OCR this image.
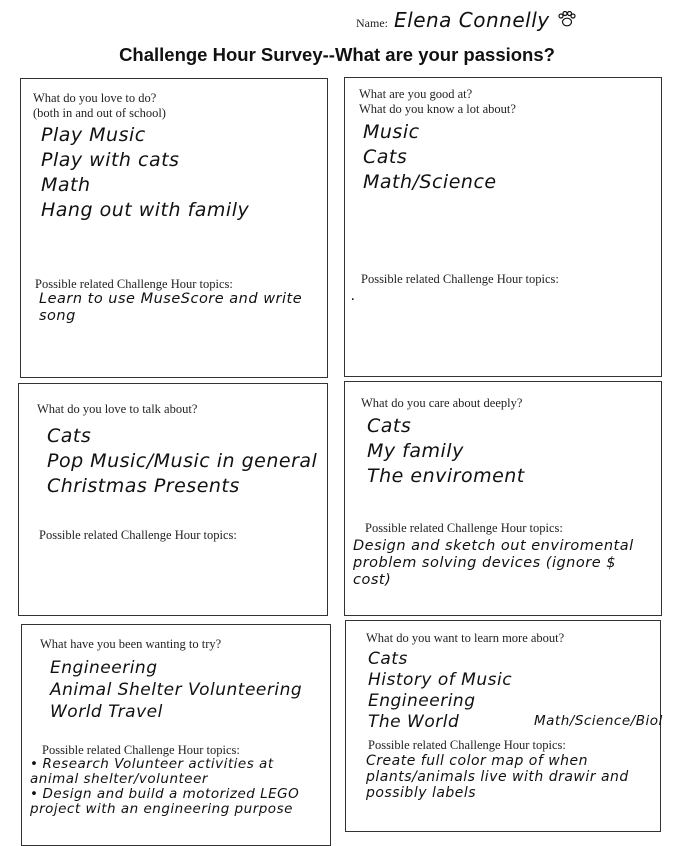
Name: Elena Connelly
Challenge Hour Survey--What are your passions?
What do you love to do?
(both in and out of school)
Play Music
Play with cats
Math
Hang out with family
Possible related Challenge Hour topics:
Learn to use MuseScore and write song
What are you good at?
What do you know a lot about?
Music
Cats
Math/Science
Possible related Challenge Hour topics:
.
What do you love to talk about?
Cats
Pop Music/Music in general
Christmas Presents
Possible related Challenge Hour topics:
What do you care about deeply?
Cats
My family
The enviroment
Possible related Challenge Hour topics:
Design and sketch out enviromental problem solving devices (ignore $ cost)
What have you been wanting to try?
Engineering
Animal Shelter Volunteering
World Travel
Possible related Challenge Hour topics:
• Research Volunteer activities at animal shelter/volunteer
• Design and build a motorized LEGO project with an engineering purpose
What do you want to learn more about?
Cats
History of Music
Engineering
The World	Math/Science/Biol
Possible related Challenge Hour topics:
Create full color map of when plants/animals live with drawir and possibly labels
